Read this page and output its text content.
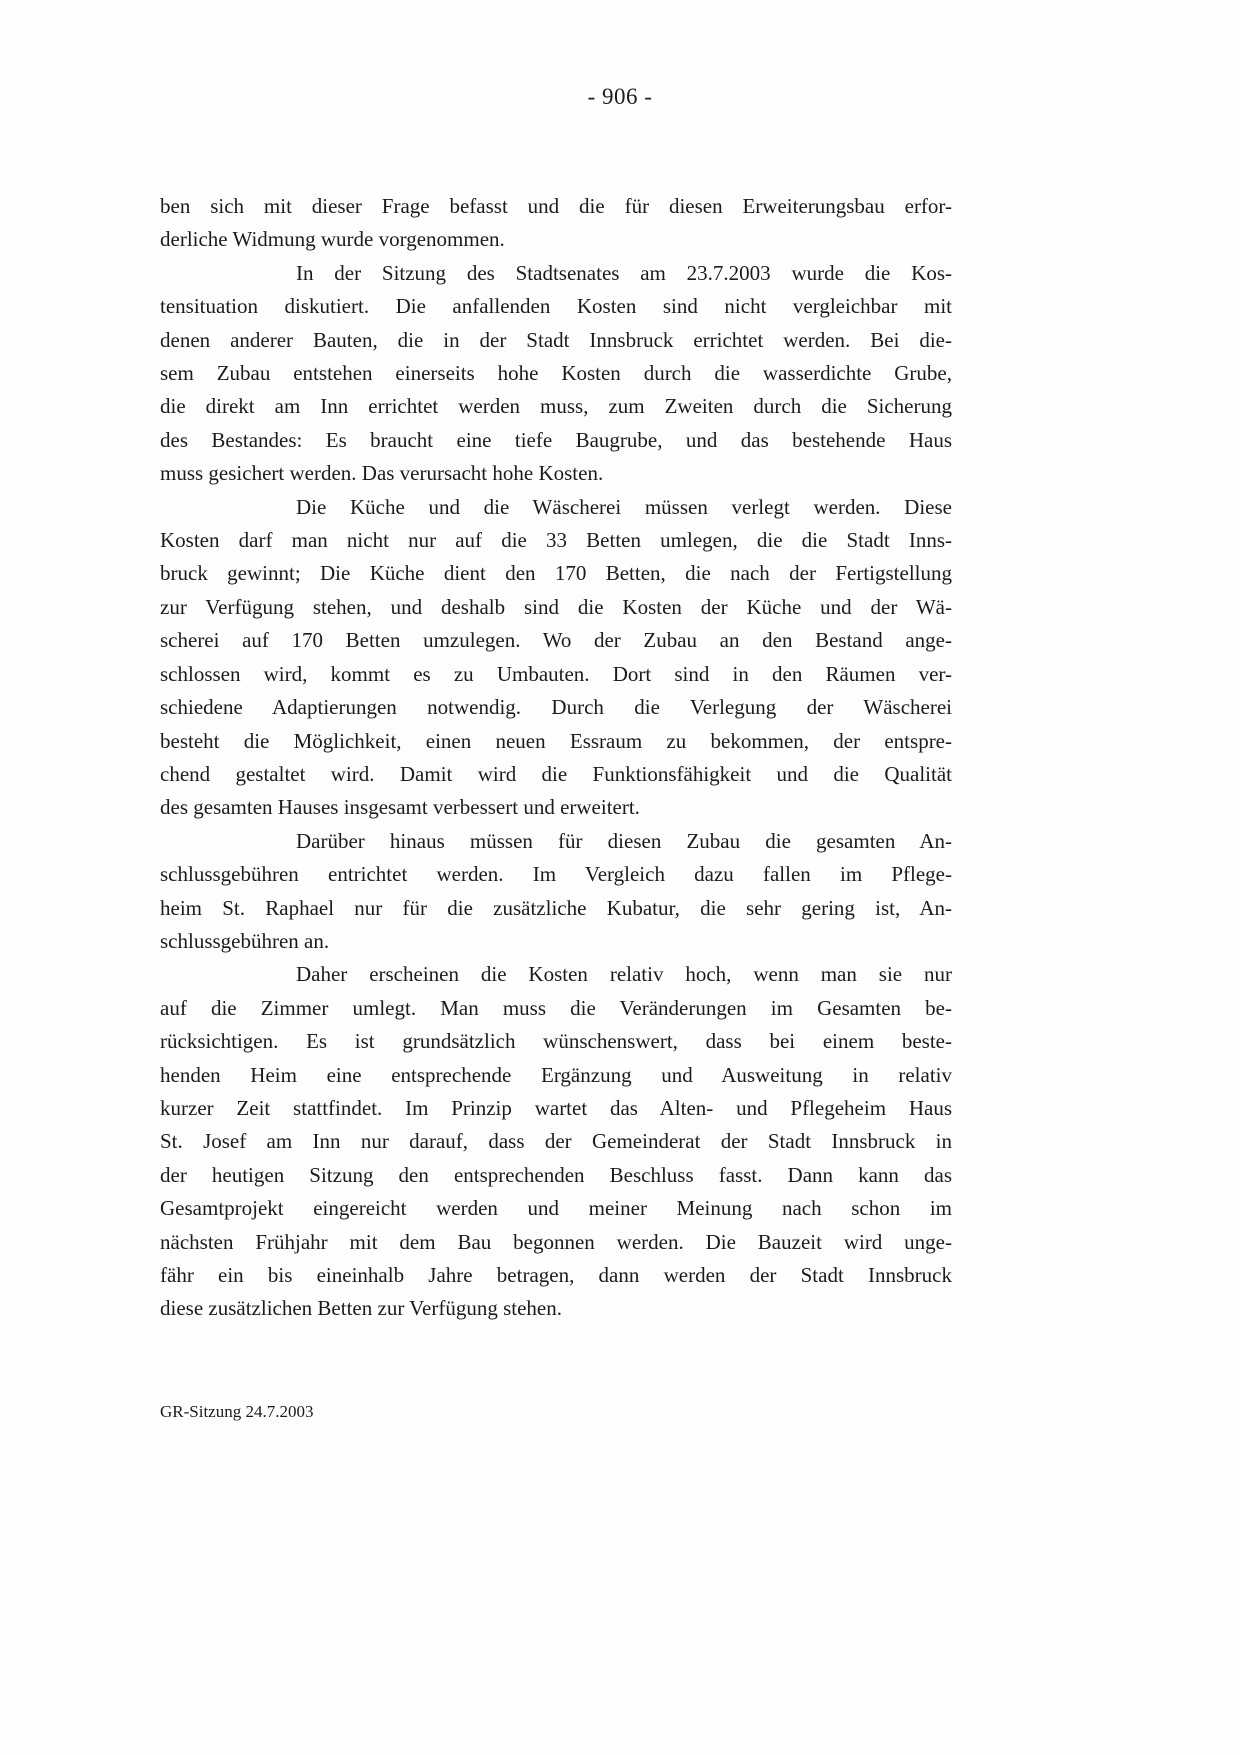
- 906 -
ben sich mit dieser Frage befasst und die für diesen Erweiterungsbau erfor-
derliche Widmung wurde vorgenommen.
In der Sitzung des Stadtsenates am 23.7.2003 wurde die Kos-
tensituation diskutiert. Die anfallenden Kosten sind nicht vergleichbar mit
denen anderer Bauten, die in der Stadt Innsbruck errichtet werden. Bei die-
sem Zubau entstehen einerseits hohe Kosten durch die wasserdichte Grube,
die direkt am Inn errichtet werden muss, zum Zweiten durch die Sicherung
des Bestandes: Es braucht eine tiefe Baugrube, und das bestehende Haus
muss gesichert werden. Das verursacht hohe Kosten.
Die Küche und die Wäscherei müssen verlegt werden. Diese
Kosten darf man nicht nur auf die 33 Betten umlegen, die die Stadt Inns-
bruck gewinnt; Die Küche dient den 170 Betten, die nach der Fertigstellung
zur Verfügung stehen, und deshalb sind die Kosten der Küche und der Wä-
scherei auf 170 Betten umzulegen. Wo der Zubau an den Bestand ange-
schlossen wird, kommt es zu Umbauten. Dort sind in den Räumen ver-
schiedene Adaptierungen notwendig. Durch die Verlegung der Wäscherei
besteht die Möglichkeit, einen neuen Essraum zu bekommen, der entspre-
chend gestaltet wird. Damit wird die Funktionsfähigkeit und die Qualität
des gesamten Hauses insgesamt verbessert und erweitert.
Darüber hinaus müssen für diesen Zubau die gesamten An-
schlussgebühren entrichtet werden. Im Vergleich dazu fallen im Pflege-
heim St. Raphael nur für die zusätzliche Kubatur, die sehr gering ist, An-
schlussgebühren an.
Daher erscheinen die Kosten relativ hoch, wenn man sie nur
auf die Zimmer umlegt. Man muss die Veränderungen im Gesamten be-
rücksichtigen. Es ist grundsätzlich wünschenswert, dass bei einem beste-
henden Heim eine entsprechende Ergänzung und Ausweitung in relativ
kurzer Zeit stattfindet. Im Prinzip wartet das Alten- und Pflegeheim Haus
St. Josef am Inn nur darauf, dass der Gemeinderat der Stadt Innsbruck in
der heutigen Sitzung den entsprechenden Beschluss fasst. Dann kann das
Gesamtprojekt eingereicht werden und meiner Meinung nach schon im
nächsten Frühjahr mit dem Bau begonnen werden. Die Bauzeit wird unge-
fähr ein bis eineinhalb Jahre betragen, dann werden der Stadt Innsbruck
diese zusätzlichen Betten zur Verfügung stehen.
GR-Sitzung 24.7.2003
